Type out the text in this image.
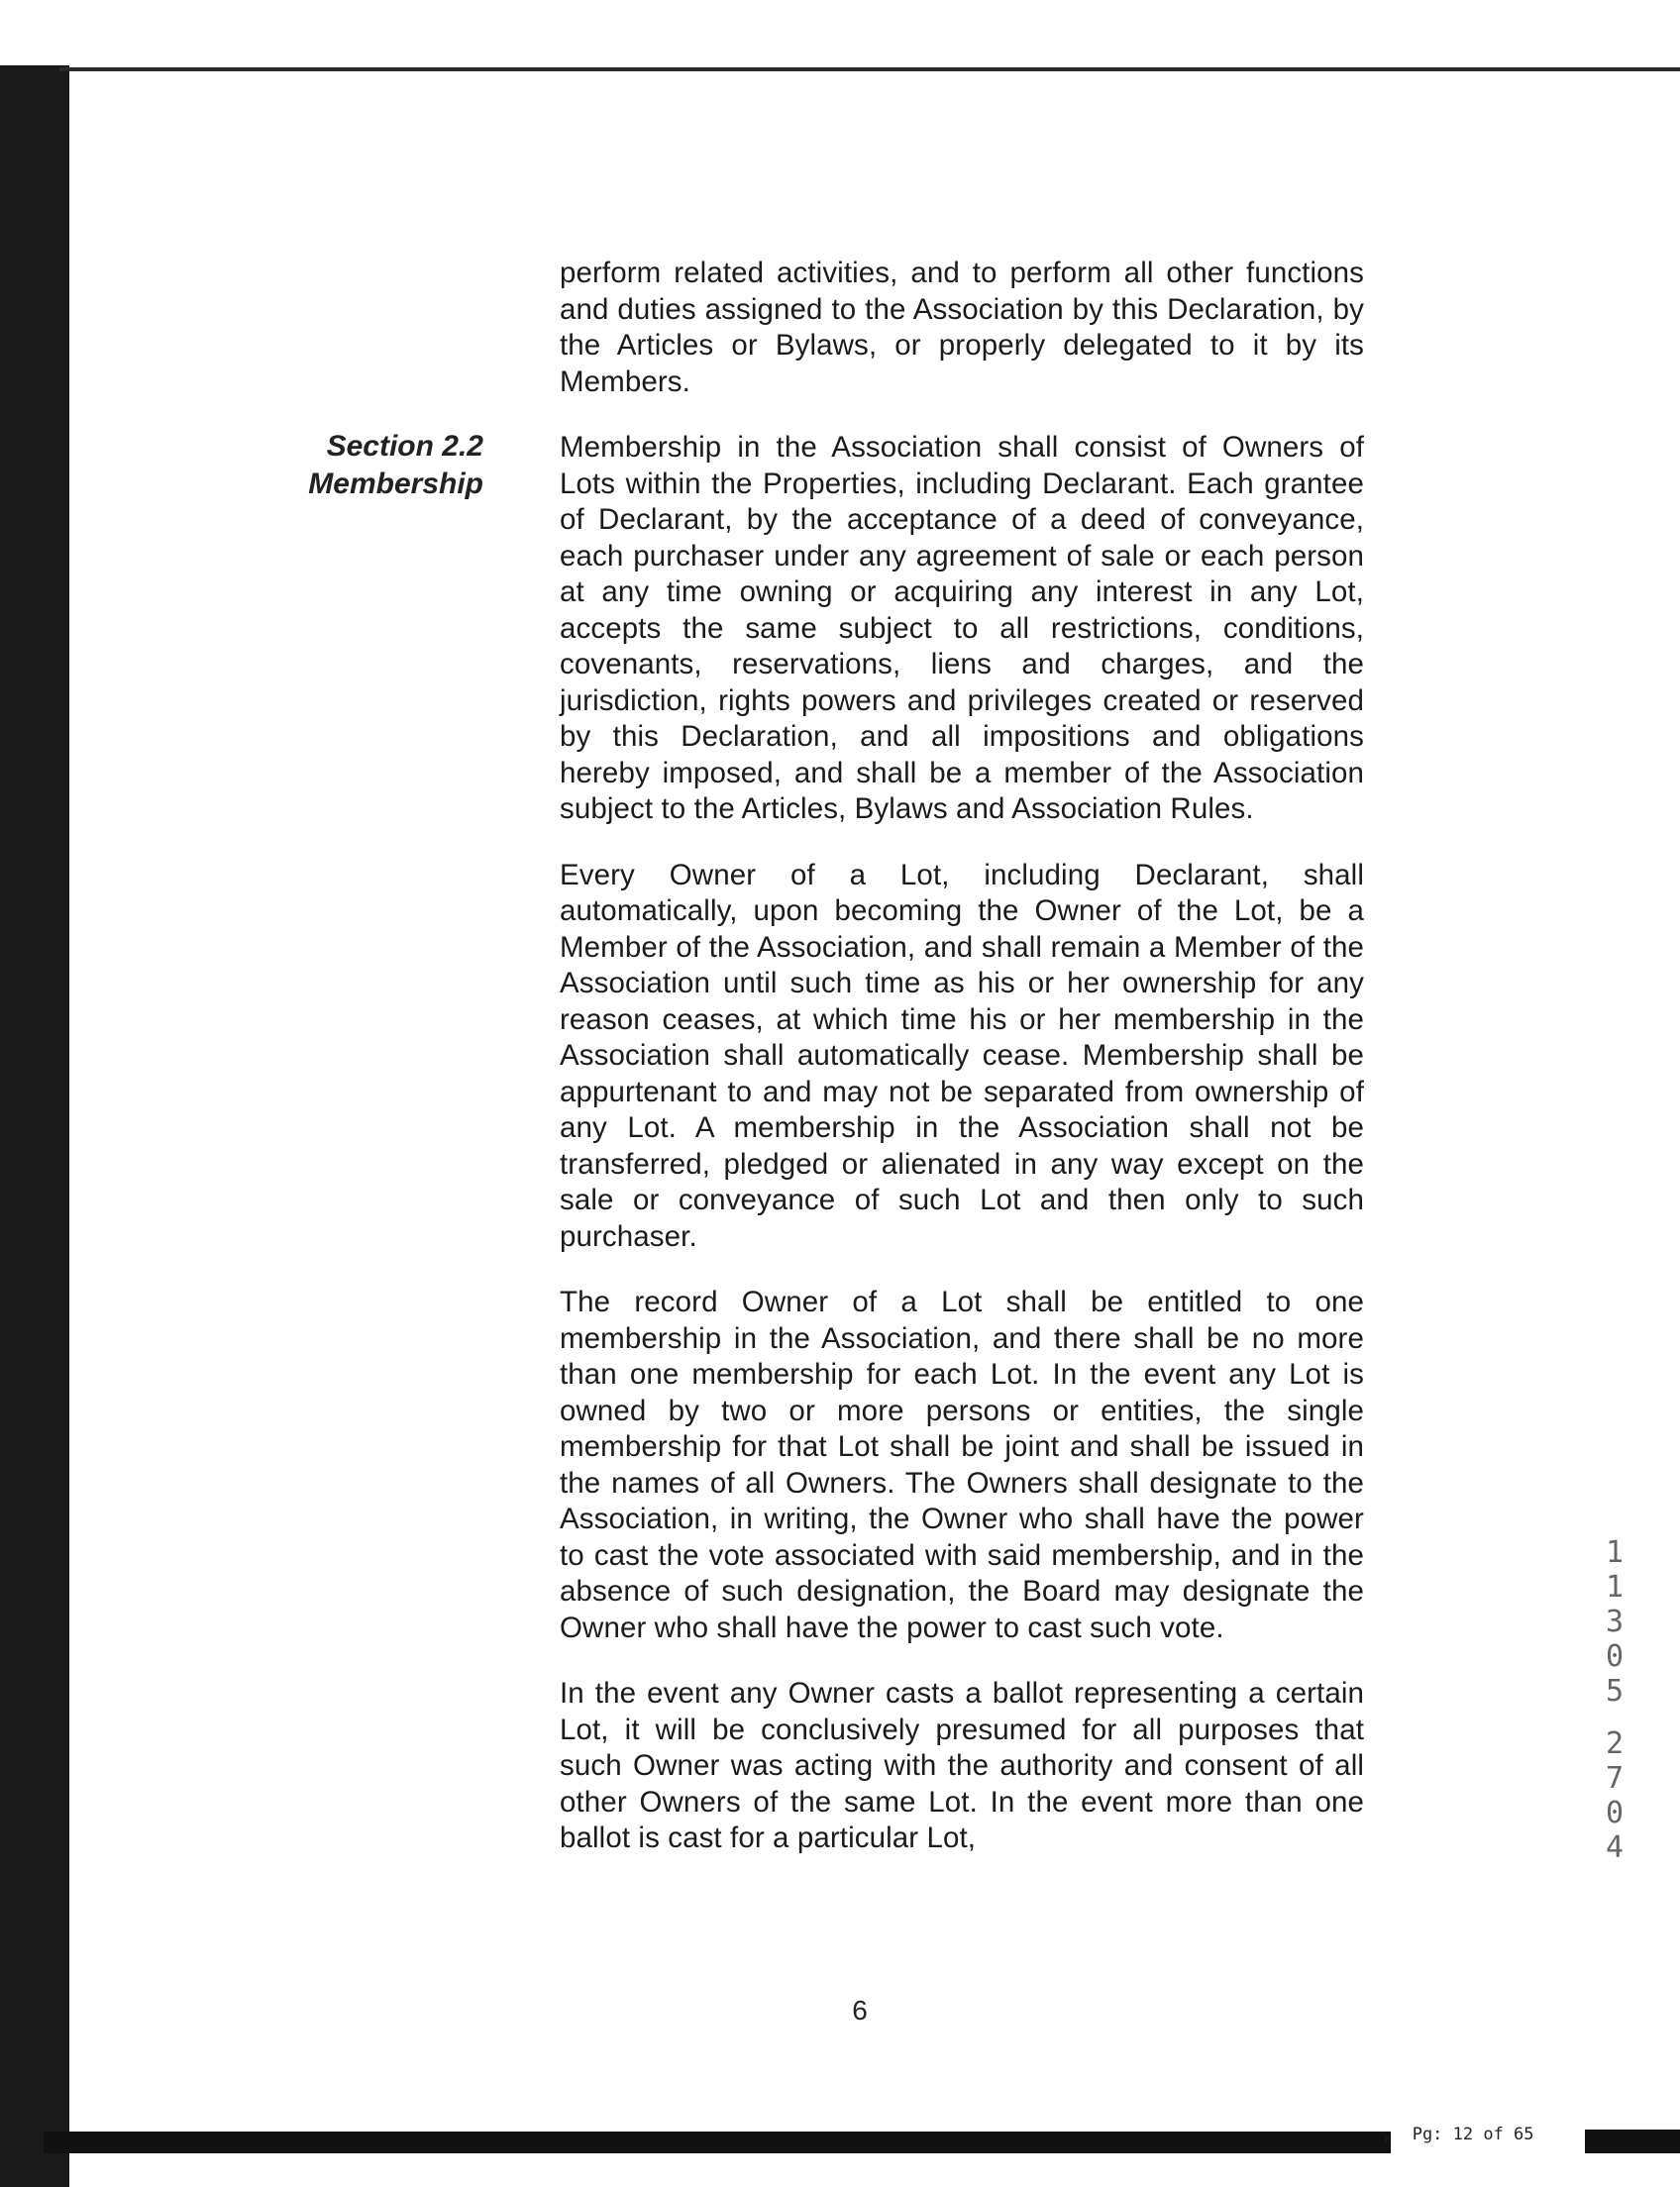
Section 2.2
Membership

perform related activities, and to perform all other functions and duties assigned to the Association by this Declaration, by the Articles or Bylaws, or properly delegated to it by its Members.

Membership in the Association shall consist of Owners of Lots within the Properties, including Declarant. Each grantee of Declarant, by the acceptance of a deed of conveyance, each purchaser under any agreement of sale or each person at any time owning or acquiring any interest in any Lot, accepts the same subject to all restrictions, conditions, covenants, reservations, liens and charges, and the jurisdiction, rights powers and privileges created or reserved by this Declaration, and all impositions and obligations hereby imposed, and shall be a member of the Association subject to the Articles, Bylaws and Association Rules.

Every Owner of a Lot, including Declarant, shall automatically, upon becoming the Owner of the Lot, be a Member of the Association, and shall remain a Member of the Association until such time as his or her ownership for any reason ceases, at which time his or her membership in the Association shall automatically cease. Membership shall be appurtenant to and may not be separated from ownership of any Lot. A membership in the Association shall not be transferred, pledged or alienated in any way except on the sale or conveyance of such Lot and then only to such purchaser.

The record Owner of a Lot shall be entitled to one membership in the Association, and there shall be no more than one membership for each Lot. In the event any Lot is owned by two or more persons or entities, the single membership for that Lot shall be joint and shall be issued in the names of all Owners. The Owners shall designate to the Association, in writing, the Owner who shall have the power to cast the vote associated with said membership, and in the absence of such designation, the Board may designate the Owner who shall have the power to cast such vote.

In the event any Owner casts a ballot representing a certain Lot, it will be conclusively presumed for all purposes that such Owner was acting with the authority and consent of all other Owners of the same Lot. In the event more than one ballot is cast for a particular Lot,

6
11305
2704
,  Pg: 12 of 65
